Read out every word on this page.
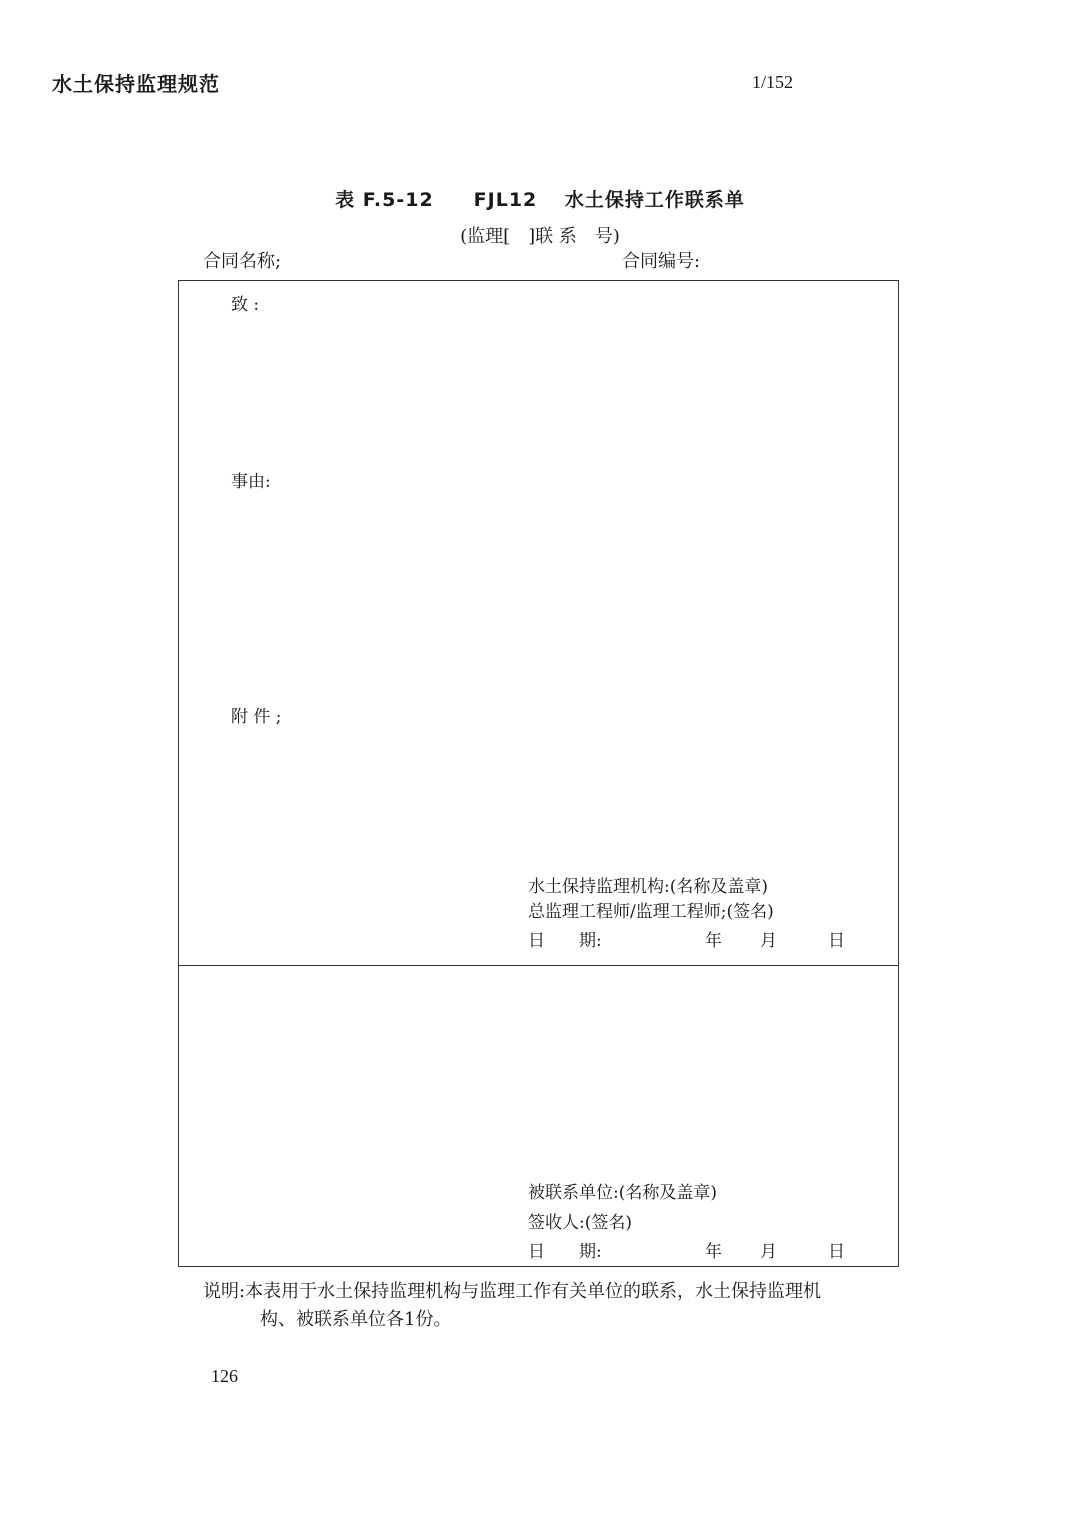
水土保持监理规范	1/152
表 F.5-12　　FJL12　 水土保持工作联系单
(监理[　]联 系　号)
合同名称;	合同编号:
致 :
事由:
附 件 ;
水土保持监理机构:(名称及盖章)
总监理工程师/监理工程师;(签名)
日　　期:	年 月	日
被联系单位:(名称及盖章)
签收人:(签名)
日　　期:	年 月	日
说明:本表用于水土保持监理机构与监理工作有关单位的联系，水土保持监理机
构、被联系单位各1份。
126
